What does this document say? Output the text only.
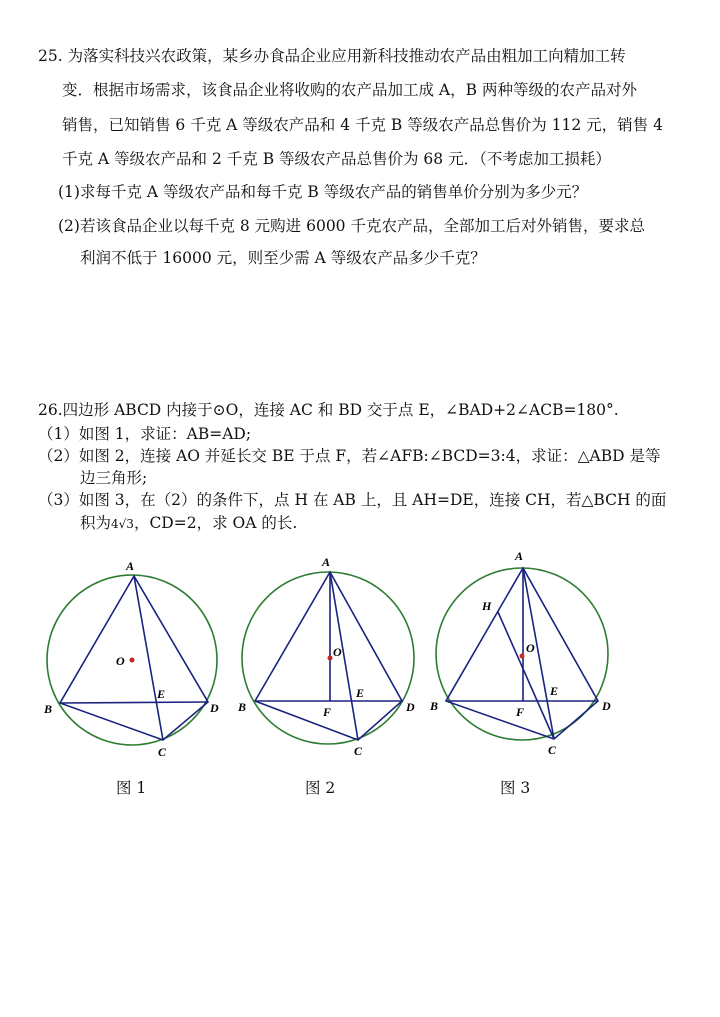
25. 为落实科技兴农政策，某乡办食品企业应用新科技推动农产品由粗加工向精加工转
变．根据市场需求，该食品企业将收购的农产品加工成 A，B 两种等级的农产品对外
销售，已知销售 6 千克 A 等级农产品和 4 千克 B 等级农产品总售价为 112 元，销售 4
千克 A 等级农产品和 2 千克 B 等级农产品总售价为 68 元．（不考虑加工损耗）
(1)求每千克 A 等级农产品和每千克 B 等级农产品的销售单价分别为多少元？
(2)若该食品企业以每千克 8 元购进 6000 千克农产品，全部加工后对外销售，要求总
利润不低于 16000 元，则至少需 A 等级农产品多少千克？
26.四边形 ABCD 内接于⊙O，连接 AC 和 BD 交于点 E，∠BAD+2∠ACB=180°.
（1）如图 1，求证：AB=AD;
（2）如图 2，连接 AO 并延长交 BE 于点 F，若∠AFB:∠BCD=3:4，求证：△ABD 是等
边三角形;
（3）如图 3，在（2）的条件下，点 H 在 AB 上，且 AH=DE，连接 CH，若△BCH 的面
积为4√3，CD=2，求 OA 的长.
A
B
C
D
E
O
A
B
C
D
E
F
O
A
H
B
C
D
E
F
O
图 1	图 2	图 3
